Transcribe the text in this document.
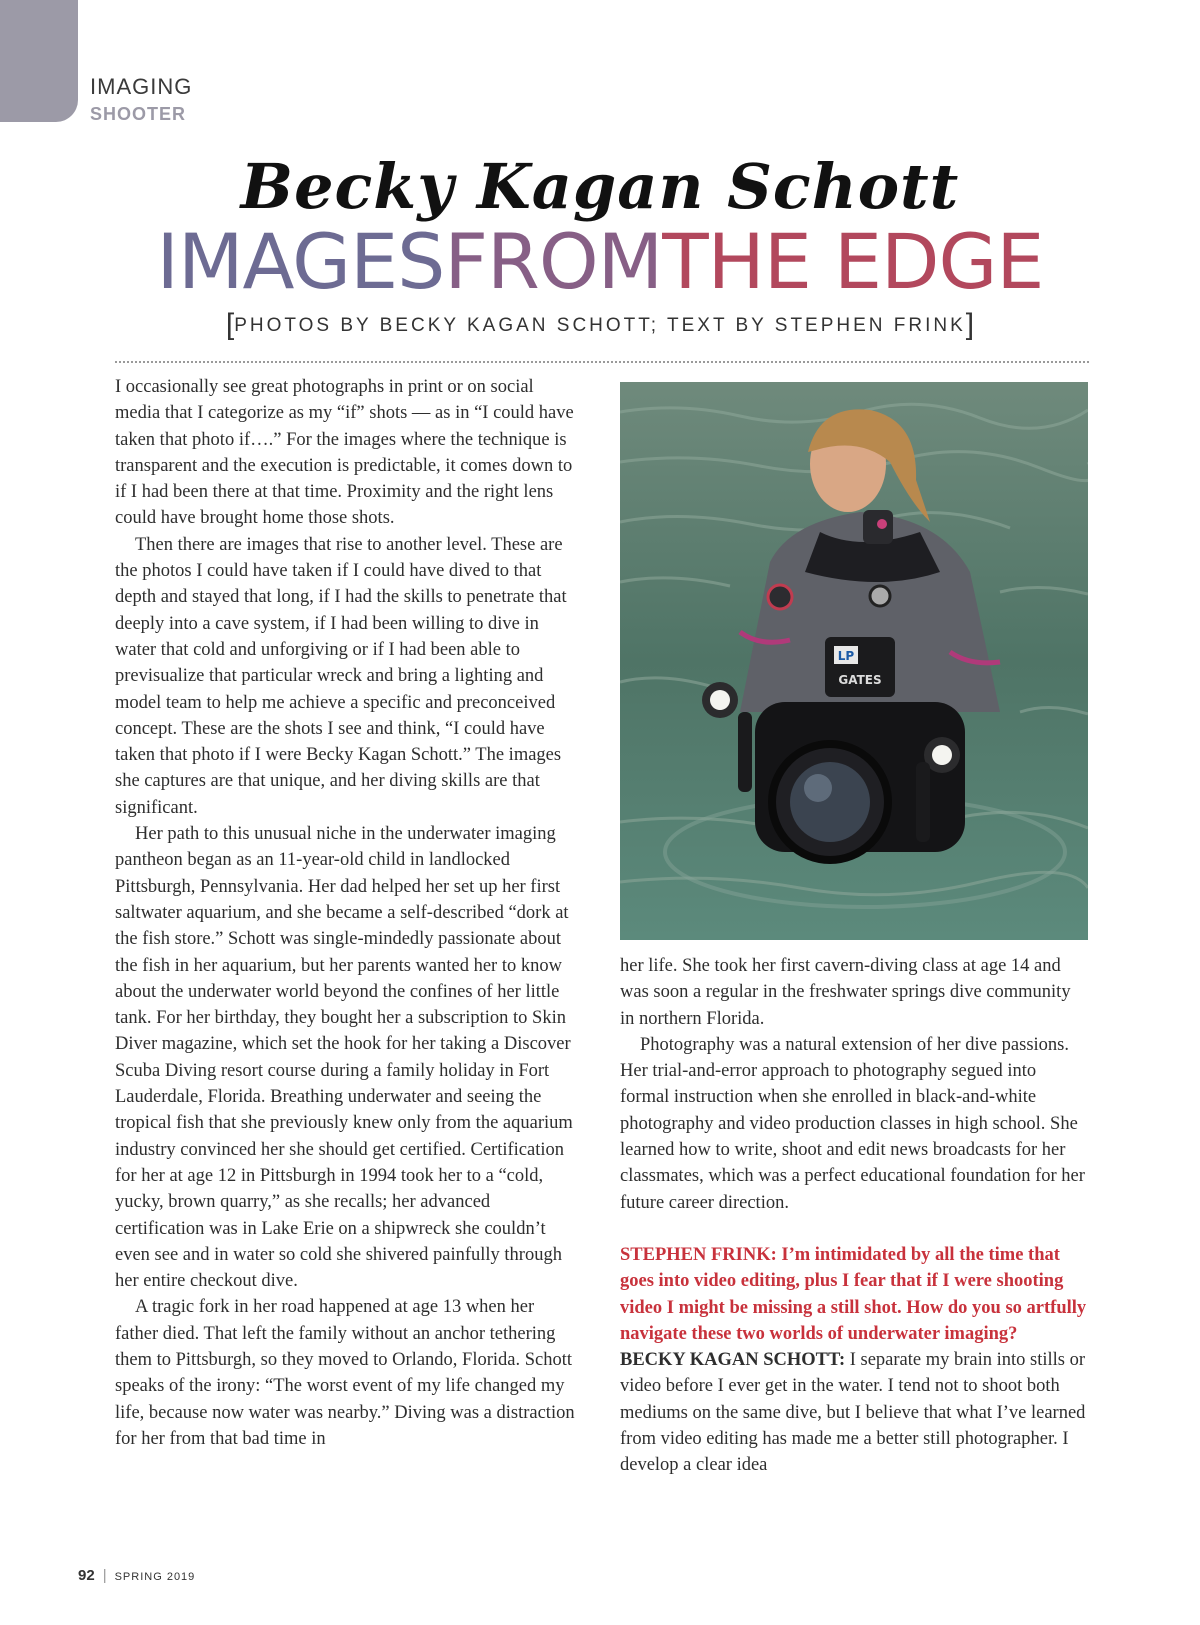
IMAGING
SHOOTER
Becky Kagan Schott
IMAGESFROMTHE EDGE
[PHOTOS BY BECKY KAGAN SCHOTT; TEXT BY STEPHEN FRINK]

I occasionally see great photographs in print or on social media that I categorize as my “if” shots — as in “I could have taken that photo if….” For the images where the technique is transparent and the execution is predictable, it comes down to if I had been there at that time. Proximity and the right lens could have brought home those shots.

Then there are images that rise to another level. These are the photos I could have taken if I could have dived to that depth and stayed that long, if I had the skills to penetrate that deeply into a cave system, if I had been willing to dive in water that cold and unforgiving or if I had been able to previsualize that particular wreck and bring a lighting and model team to help me achieve a specific and preconceived concept. These are the shots I see and think, “I could have taken that photo if I were Becky Kagan Schott.” The images she captures are that unique, and her diving skills are that significant.

Her path to this unusual niche in the underwater imaging pantheon began as an 11-year-old child in landlocked Pittsburgh, Pennsylvania. Her dad helped her set up her first saltwater aquarium, and she became a self-described “dork at the fish store.” Schott was single-mindedly passionate about the fish in her aquarium, but her parents wanted her to know about the underwater world beyond the confines of her little tank. For her birthday, they bought her a subscription to Skin Diver magazine, which set the hook for her taking a Discover Scuba Diving resort course during a family holiday in Fort Lauderdale, Florida. Breathing underwater and seeing the tropical fish that she previously knew only from the aquarium industry convinced her she should get certified. Certification for her at age 12 in Pittsburgh in 1994 took her to a “cold, yucky, brown quarry,” as she recalls; her advanced certification was in Lake Erie on a shipwreck she couldn’t even see and in water so cold she shivered painfully through her entire checkout dive.

A tragic fork in her road happened at age 13 when her father died. That left the family without an anchor tethering them to Pittsburgh, so they moved to Orlando, Florida. Schott speaks of the irony: “The worst event of my life changed my life, because now water was nearby.” Diving was a distraction for her from that bad time in

LP
GATES

her life. She took her first cavern-diving class at age 14 and was soon a regular in the freshwater springs dive community in northern Florida.

Photography was a natural extension of her dive passions. Her trial-and-error approach to photography segued into formal instruction when she enrolled in black-and-white photography and video production classes in high school. She learned how to write, shoot and edit news broadcasts for her classmates, which was a perfect educational foundation for her future career direction.

STEPHEN FRINK: I’m intimidated by all the time that goes into video editing, plus I fear that if I were shooting video I might be missing a still shot. How do you so artfully navigate these two worlds of underwater imaging?

BECKY KAGAN SCHOTT: I separate my brain into stills or video before I ever get in the water. I tend not to shoot both mediums on the same dive, but I believe that what I’ve learned from video editing has made me a better still photographer. I develop a clear idea

92 | SPRING 2019
